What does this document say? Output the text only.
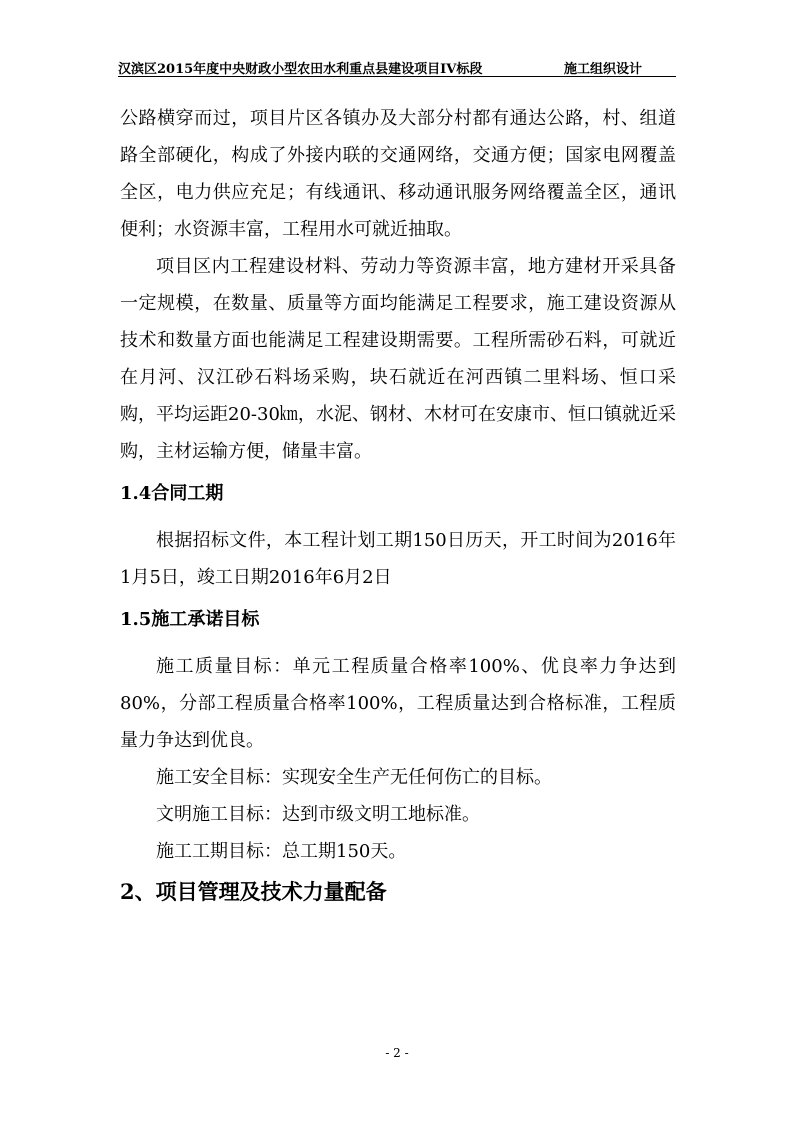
汉滨区2015年度中央财政小型农田水利重点县建设项目IV标段	施工组织设计

公路横穿而过，项目片区各镇办及大部分村都有通达公路，村、组道路全部硬化，构成了外接内联的交通网络，交通方便；国家电网覆盖全区，电力供应充足；有线通讯、移动通讯服务网络覆盖全区，通讯便利；水资源丰富，工程用水可就近抽取。

项目区内工程建设材料、劳动力等资源丰富，地方建材开采具备一定规模，在数量、质量等方面均能满足工程要求，施工建设资源从技术和数量方面也能满足工程建设期需要。工程所需砂石料，可就近在月河、汉江砂石料场采购，块石就近在河西镇二里料场、恒口采购，平均运距20-30㎞，水泥、钢材、木材可在安康市、恒口镇就近采购，主材运输方便，储量丰富。

1.4合同工期

根据招标文件，本工程计划工期150日历天，开工时间为2016年1月5日，竣工日期2016年6月2日

1.5施工承诺目标

施工质量目标：单元工程质量合格率100%、优良率力争达到80%，分部工程质量合格率100%，工程质量达到合格标准，工程质量力争达到优良。

施工安全目标：实现安全生产无任何伤亡的目标。

文明施工目标：达到市级文明工地标准。

施工工期目标：总工期150天。

2、项目管理及技术力量配备
- 2 -
